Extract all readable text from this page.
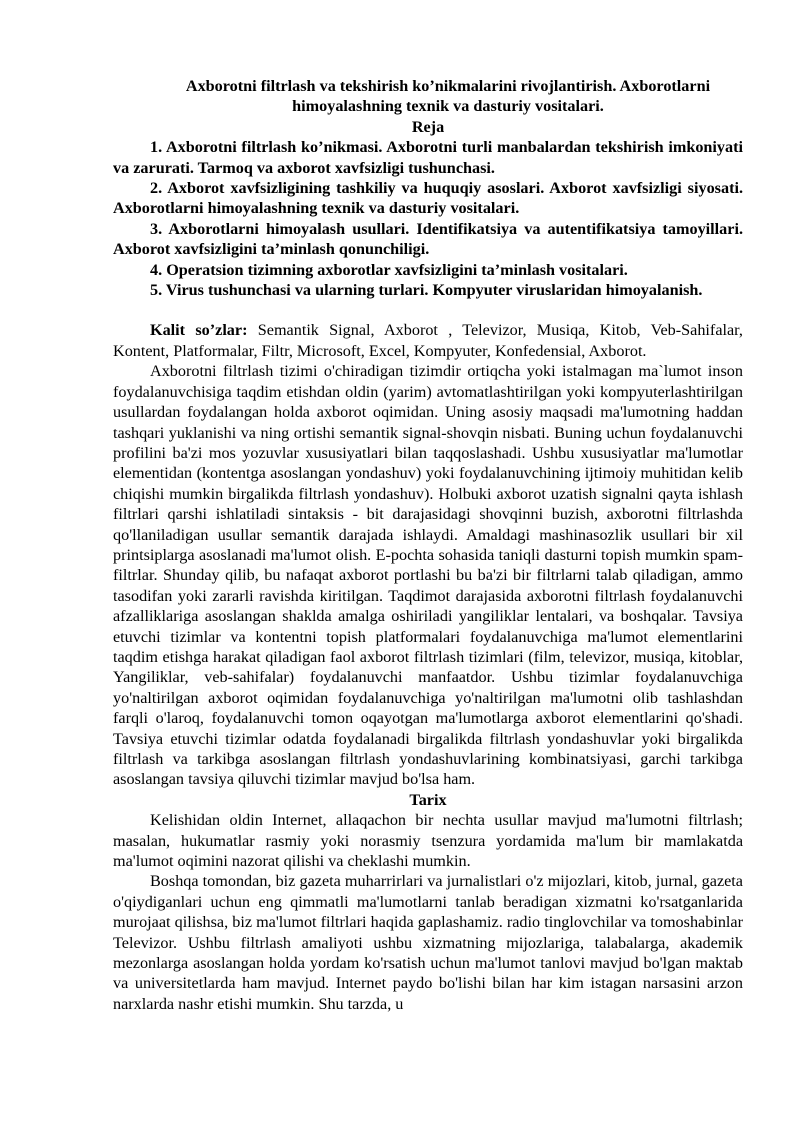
Axborotni filtrlash va tekshirish ko’nikmalarini rivojlantirish. Axborotlarni himoyalashning texnik va dasturiy vositalari.

Reja

1. Axborotni filtrlash ko’nikmasi. Axborotni turli manbalardan tekshirish imkoniyati va zarurati. Tarmoq va axborot xavfsizligi tushunchasi.

2. Axborot xavfsizligining tashkiliy va huquqiy asoslari. Axborot xavfsizligi siyosati. Axborotlarni himoyalashning texnik va dasturiy vositalari.

3. Axborotlarni himoyalash usullari. Identifikatsiya va autentifikatsiya tamoyillari. Axborot xavfsizligini ta’minlash qonunchiligi.

4. Operatsion tizimning axborotlar xavfsizligini ta’minlash vositalari.

5. Virus tushunchasi va ularning turlari. Kompyuter viruslaridan himoyalanish.

Kalit so’zlar: Semantik Signal, Axborot , Televizor, Musiqa, Kitob, Veb-Sahifalar, Kontent, Platformalar, Filtr, Microsoft, Excel, Kompyuter, Konfedensial, Axborot.

Axborotni filtrlash tizimi o'chiradigan tizimdir ortiqcha yoki istalmagan ma`lumot inson foydalanuvchisiga taqdim etishdan oldin (yarim) avtomatlashtirilgan yoki kompyuterlashtirilgan usullardan foydalangan holda axborot oqimidan. Uning asosiy maqsadi ma'lumotning haddan tashqari yuklanishi va ning ortishi semantik signal-shovqin nisbati. Buning uchun foydalanuvchi profilini ba'zi mos yozuvlar xususiyatlari bilan taqqoslashadi. Ushbu xususiyatlar ma'lumotlar elementidan (kontentga asoslangan yondashuv) yoki foydalanuvchining ijtimoiy muhitidan kelib chiqishi mumkin birgalikda filtrlash yondashuv). Holbuki axborot uzatish signalni qayta ishlash filtrlari qarshi ishlatiladi sintaksis - bit darajasidagi shovqinni buzish, axborotni filtrlashda qo'llaniladigan usullar semantik darajada ishlaydi. Amaldagi mashinasozlik usullari bir xil printsiplarga asoslanadi ma'lumot olish. E-pochta sohasida taniqli dasturni topish mumkin spam-filtrlar. Shunday qilib, bu nafaqat axborot portlashi bu ba'zi bir filtrlarni talab qiladigan, ammo tasodifan yoki zararli ravishda kiritilgan. Taqdimot darajasida axborotni filtrlash foydalanuvchi afzalliklariga asoslangan shaklda amalga oshiriladi yangiliklar lentalari, va boshqalar. Tavsiya etuvchi tizimlar va kontentni topish platformalari foydalanuvchiga ma'lumot elementlarini taqdim etishga harakat qiladigan faol axborot filtrlash tizimlari (film, televizor, musiqa, kitoblar, Yangiliklar, veb-sahifalar) foydalanuvchi manfaatdor. Ushbu tizimlar foydalanuvchiga yo'naltirilgan axborot oqimidan foydalanuvchiga yo'naltirilgan ma'lumotni olib tashlashdan farqli o'laroq, foydalanuvchi tomon oqayotgan ma'lumotlarga axborot elementlarini qo'shadi. Tavsiya etuvchi tizimlar odatda foydalanadi birgalikda filtrlash yondashuvlar yoki birgalikda filtrlash va tarkibga asoslangan filtrlash yondashuvlarining kombinatsiyasi, garchi tarkibga asoslangan tavsiya qiluvchi tizimlar mavjud bo'lsa ham.

Tarix

Kelishidan oldin Internet, allaqachon bir nechta usullar mavjud ma'lumotni filtrlash; masalan, hukumatlar rasmiy yoki norasmiy tsenzura yordamida ma'lum bir mamlakatda ma'lumot oqimini nazorat qilishi va cheklashi mumkin.

Boshqa tomondan, biz gazeta muharrirlari va jurnalistlari o'z mijozlari, kitob, jurnal, gazeta o'qiydiganlari uchun eng qimmatli ma'lumotlarni tanlab beradigan xizmatni ko'rsatganlarida murojaat qilishsa, biz ma'lumot filtrlari haqida gaplashamiz. radio tinglovchilar va tomoshabinlar Televizor. Ushbu filtrlash amaliyoti ushbu xizmatning mijozlariga, talabalarga, akademik mezonlarga asoslangan holda yordam ko'rsatish uchun ma'lumot tanlovi mavjud bo'lgan maktab va universitetlarda ham mavjud. Internet paydo bo'lishi bilan har kim istagan narsasini arzon narxlarda nashr etishi mumkin. Shu tarzda, u
